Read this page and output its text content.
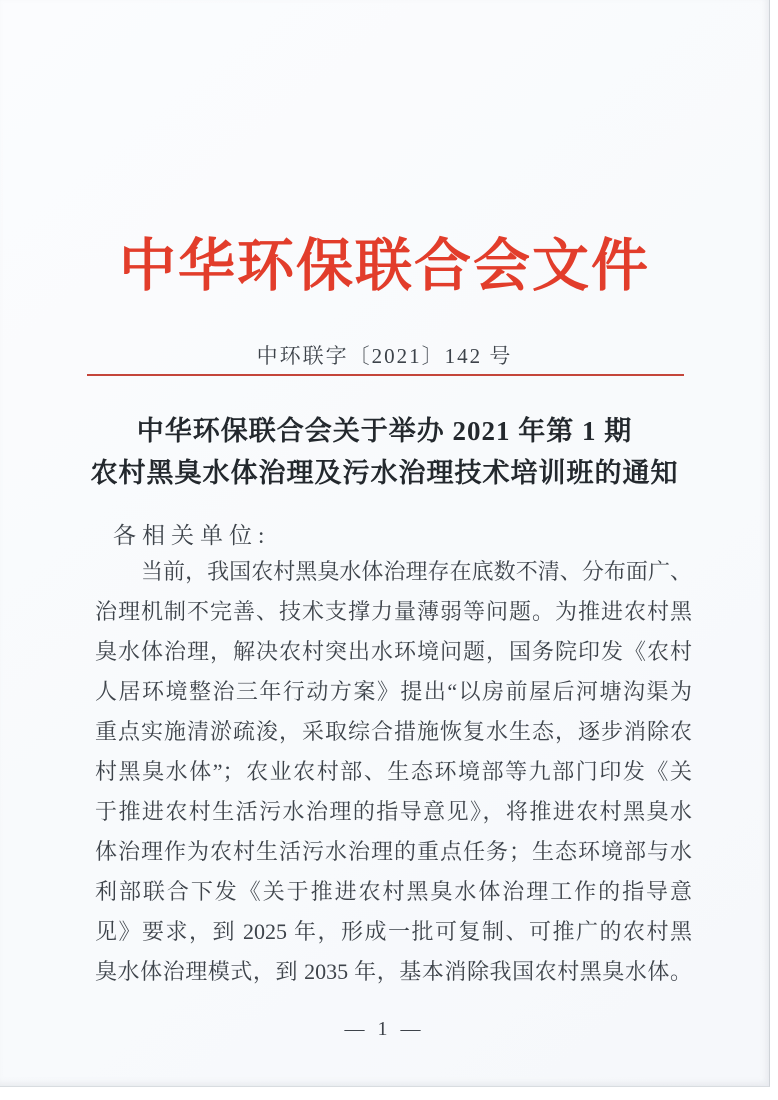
中华环保联合会文件
中环联字〔2021〕142 号
中华环保联合会关于举办 2021 年第 1 期
农村黑臭水体治理及污水治理技术培训班的通知
各相关单位:
当前，我国农村黑臭水体治理存在底数不清、分布面广、
治理机制不完善、技术支撑力量薄弱等问题。为推进农村黑
臭水体治理，解决农村突出水环境问题，国务院印发《农村
人居环境整治三年行动方案》提出“以房前屋后河塘沟渠为
重点实施清淤疏浚，采取综合措施恢复水生态，逐步消除农
村黑臭水体”；农业农村部、生态环境部等九部门印发《关
于推进农村生活污水治理的指导意见》，将推进农村黑臭水
体治理作为农村生活污水治理的重点任务；生态环境部与水
利部联合下发《关于推进农村黑臭水体治理工作的指导意
见》要求，到 2025 年，形成一批可复制、可推广的农村黑
臭水体治理模式，到 2035 年，基本消除我国农村黑臭水体。
— 1 —
